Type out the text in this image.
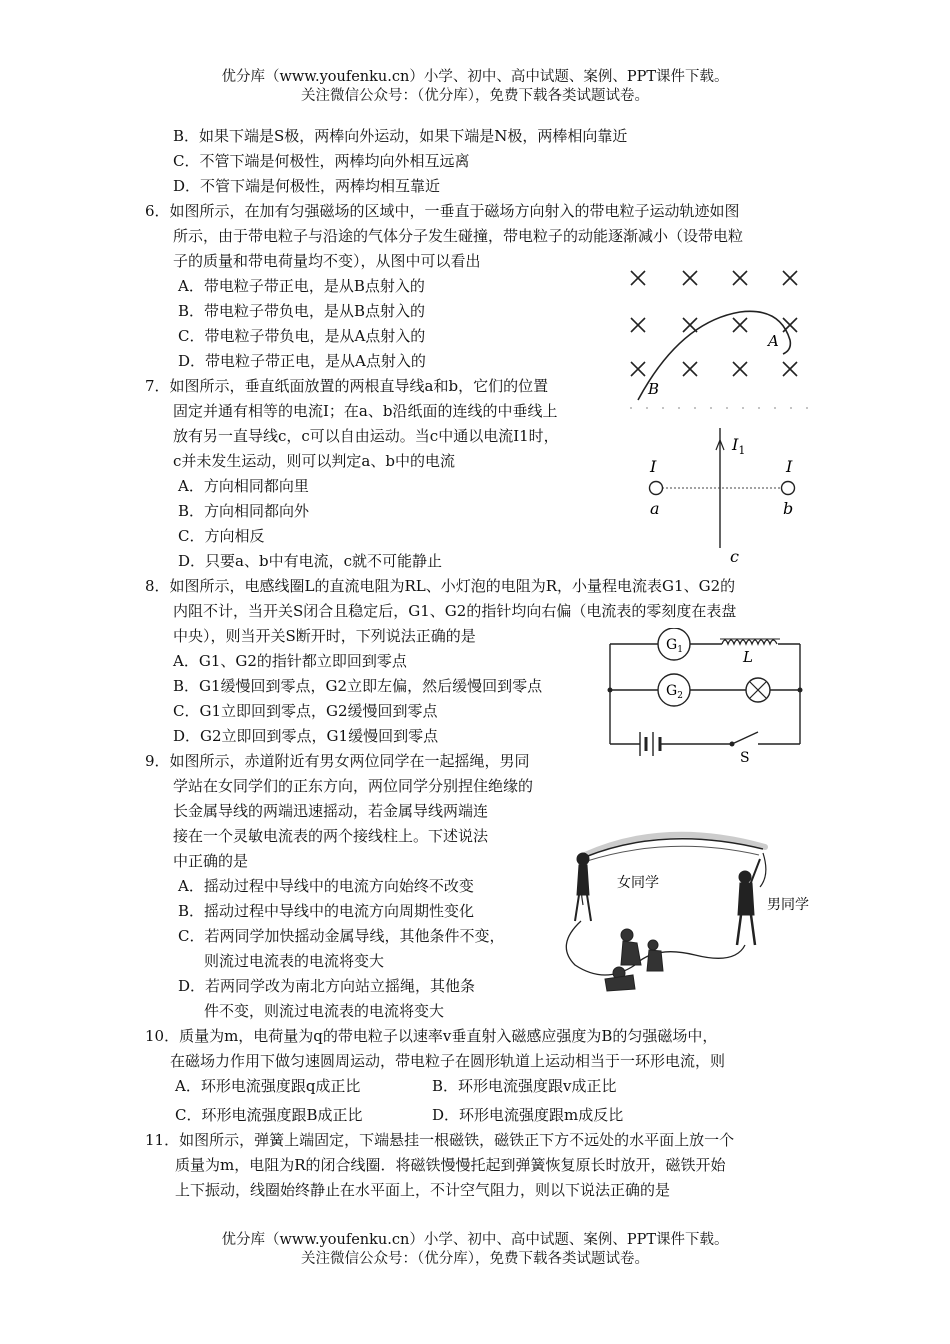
优分库（www.youfenku.cn）小学、初中、高中试题、案例、PPT课件下载。
关注微信公众号：（优分库），免费下载各类试题试卷。
B．如果下端是S极，两棒向外运动，如果下端是N极，两棒相向靠近
C．不管下端是何极性，两棒均向外相互远离
D．不管下端是何极性，两棒均相互靠近
6．如图所示，在加有匀强磁场的区域中，一垂直于磁场方向射入的带电粒子运动轨迹如图
所示，由于带电粒子与沿途的气体分子发生碰撞，带电粒子的动能逐渐减小（设带电粒
子的质量和带电荷量均不变），从图中可以看出
A．带电粒子带正电，是从B点射入的
B．带电粒子带负电，是从B点射入的
C．带电粒子带负电，是从A点射入的
D．带电粒子带正电，是从A点射入的
A
B
7．如图所示，垂直纸面放置的两根直导线a和b，它们的位置
固定并通有相等的电流I；在a、b沿纸面的连线的中垂线上
放有另一直导线c，c可以自由运动。当c中通以电流I1时，
c并未发生运动，则可以判定a、b中的电流
A．方向相同都向里
B．方向相同都向外
C．方向相反
D．只要a、b中有电流，c就不可能静止
$I_1$
I	I
a	b
c
8．如图所示，电感线圈L的直流电阻为RL、小灯泡的电阻为R，小量程电流表G1、G2的
内阻不计，当开关S闭合且稳定后，G1、G2的指针均向右偏（电流表的零刻度在表盘
中央），则当开关S断开时，下列说法正确的是
A．G1、G2的指针都立即回到零点
B．G1缓慢回到零点，G2立即左偏，然后缓慢回到零点
C．G1立即回到零点，G2缓慢回到零点
D．G2立即回到零点，G1缓慢回到零点
L
$G_1$
$G_2$
S
9．如图所示，赤道附近有男女两位同学在一起摇绳，男同
学站在女同学们的正东方向，两位同学分别捏住绝缘的
长金属导线的两端迅速摇动，若金属导线两端连
接在一个灵敏电流表的两个接线柱上。下述说法
中正确的是
A．摇动过程中导线中的电流方向始终不改变
B．摇动过程中导线中的电流方向周期性变化
C．若两同学加快摇动金属导线，其他条件不变，
则流过电流表的电流将变大
D．若两同学改为南北方向站立摇绳，其他条
件不变，则流过电流表的电流将变大
女同学
男同学
10．质量为m，电荷量为q的带电粒子以速率v垂直射入磁感应强度为B的匀强磁场中，
在磁场力作用下做匀速圆周运动，带电粒子在圆形轨道上运动相当于一环形电流，则
A．环形电流强度跟q成正比	B．环形电流强度跟v成正比
C．环形电流强度跟B成正比	D．环形电流强度跟m成反比
11．如图所示，弹簧上端固定，下端悬挂一根磁铁，磁铁正下方不远处的水平面上放一个
质量为m，电阻为R的闭合线圈．将磁铁慢慢托起到弹簧恢复原长时放开，磁铁开始
上下振动，线圈始终静止在水平面上，不计空气阻力，则以下说法正确的是
优分库（www.youfenku.cn）小学、初中、高中试题、案例、PPT课件下载。
关注微信公众号：（优分库），免费下载各类试题试卷。
